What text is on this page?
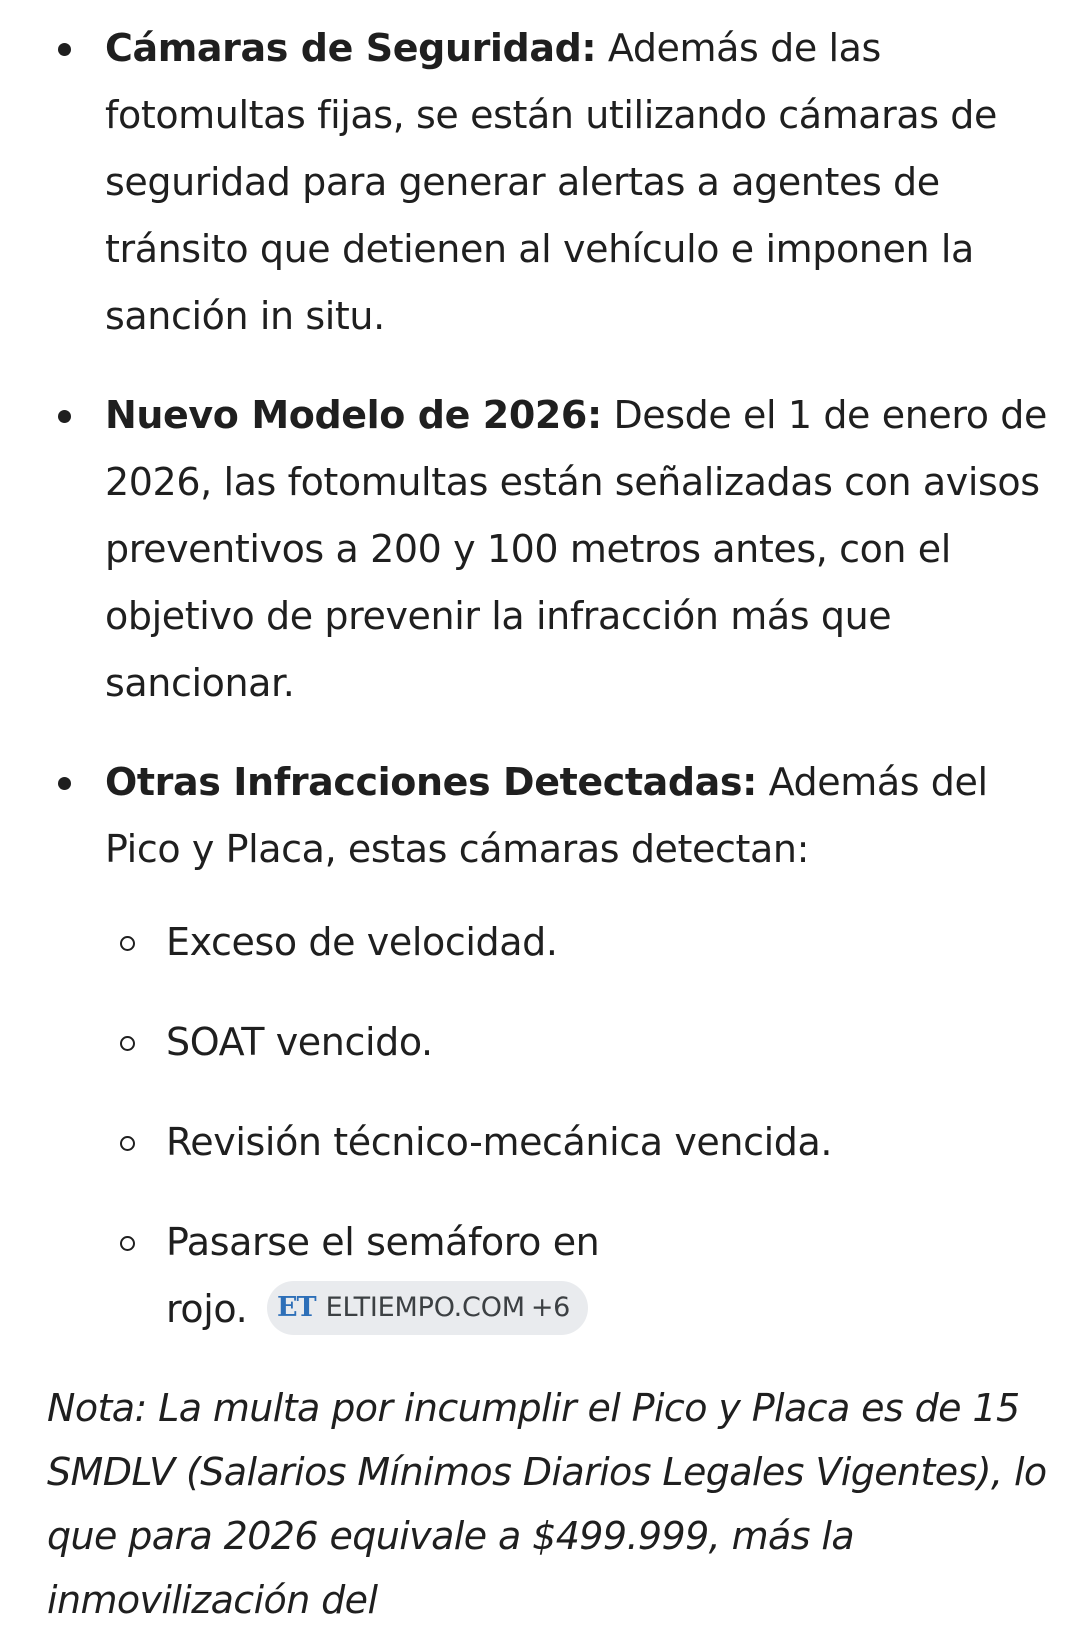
Cámaras de Seguridad: Además de las fotomultas fijas, se están utilizando cámaras de seguridad para generar alertas a agentes de tránsito que detienen al vehículo e imponen la sanción in situ.
Nuevo Modelo de 2026: Desde el 1 de enero de 2026, las fotomultas están señalizadas con avisos preventivos a 200 y 100 metros antes, con el objetivo de prevenir la infracción más que sancionar.
Otras Infracciones Detectadas: Además del Pico y Placa, estas cámaras detectan:
Exceso de velocidad.
SOAT vencido.
Revisión técnico-mecánica vencida.
Pasarse el semáforo en rojo. ET ELTIEMPO.COM +6
Nota: La multa por incumplir el Pico y Placa es de 15 SMDLV (Salarios Mínimos Diarios Legales Vigentes), lo que para 2026 equivale a $499.999, más la inmovilización del
